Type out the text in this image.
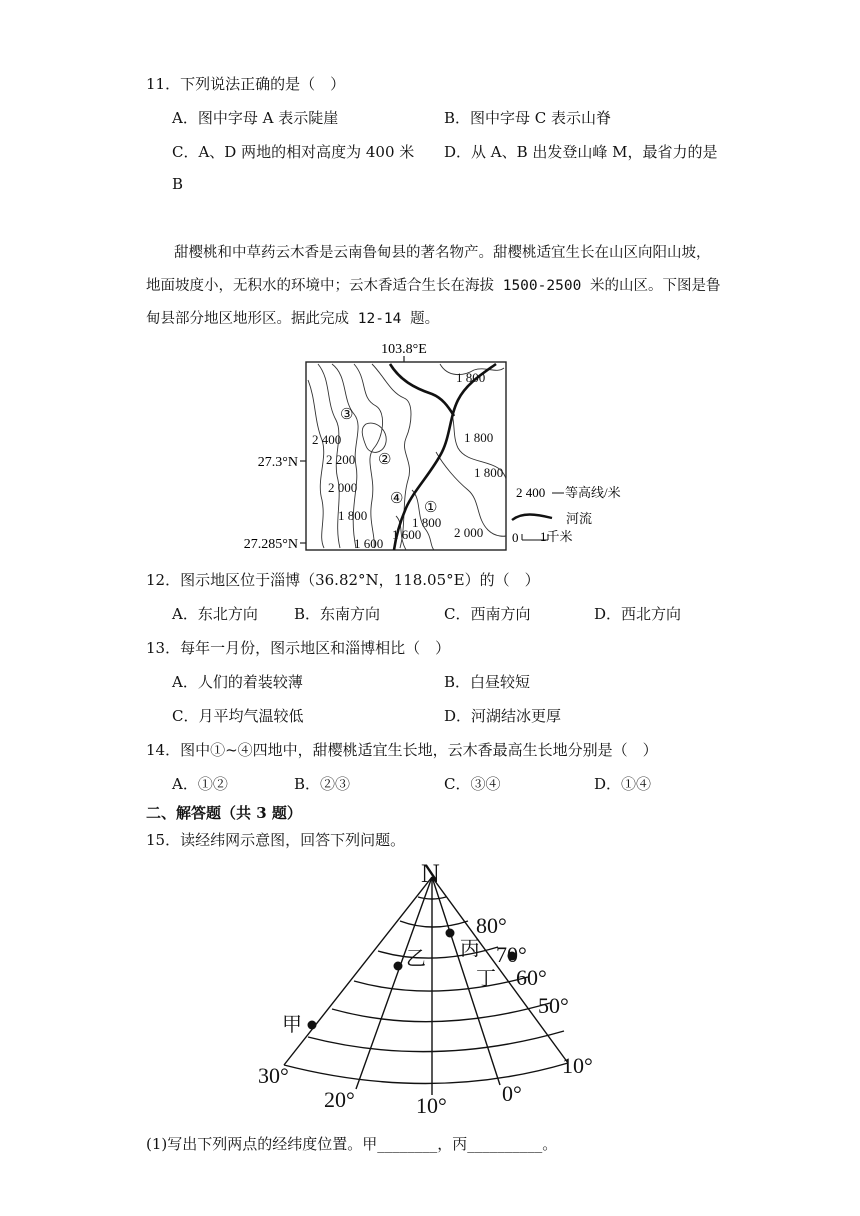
11．下列说法正确的是（　）
A．图中字母 A 表示陡崖	B．图中字母 C 表示山脊
C．A、D 两地的相对高度为 400 米 D．从 A、B 出发登山峰 M，最省力的是
B
甜樱桃和中草药云木香是云南鲁甸县的著名物产。甜樱桃适宜生长在山区向阳山坡，
地面坡度小，无积水的环境中；云木香适合生长在海拔 1500-2500 米的山区。下图是鲁
甸县部分地区地形区。据此完成 12-14 题。
103.8°E
27.3°N
27.285°N
1 800
1 800
1 800
2 400
2 200
2 000
1 800
1 600
1 600
1 800
2 000
③
②
④
①
2 400 等高线/米
河流
0 1千米
12．图示地区位于淄博（36.82°N，118.05°E）的（　）
A．东北方向 B．东南方向	C．西南方向	D．西北方向
13．每年一月份，图示地区和淄博相比（　）
A．人们的着装较薄	B．白昼较短
C．月平均气温较低	D．河湖结冰更厚
14．图中①~④四地中，甜樱桃适宜生长地，云木香最高生长地分别是（　）
A．①②	B．②③	C．③④	D．①④
二、解答题（共 3 题）
15．读经纬网示意图，回答下列问题。
N
80°
70°
60°
50°
30°
20°	10°	0°
10°
甲
乙 丙
丁
(1)写出下列两点的经纬度位置。甲________，丙__________。
